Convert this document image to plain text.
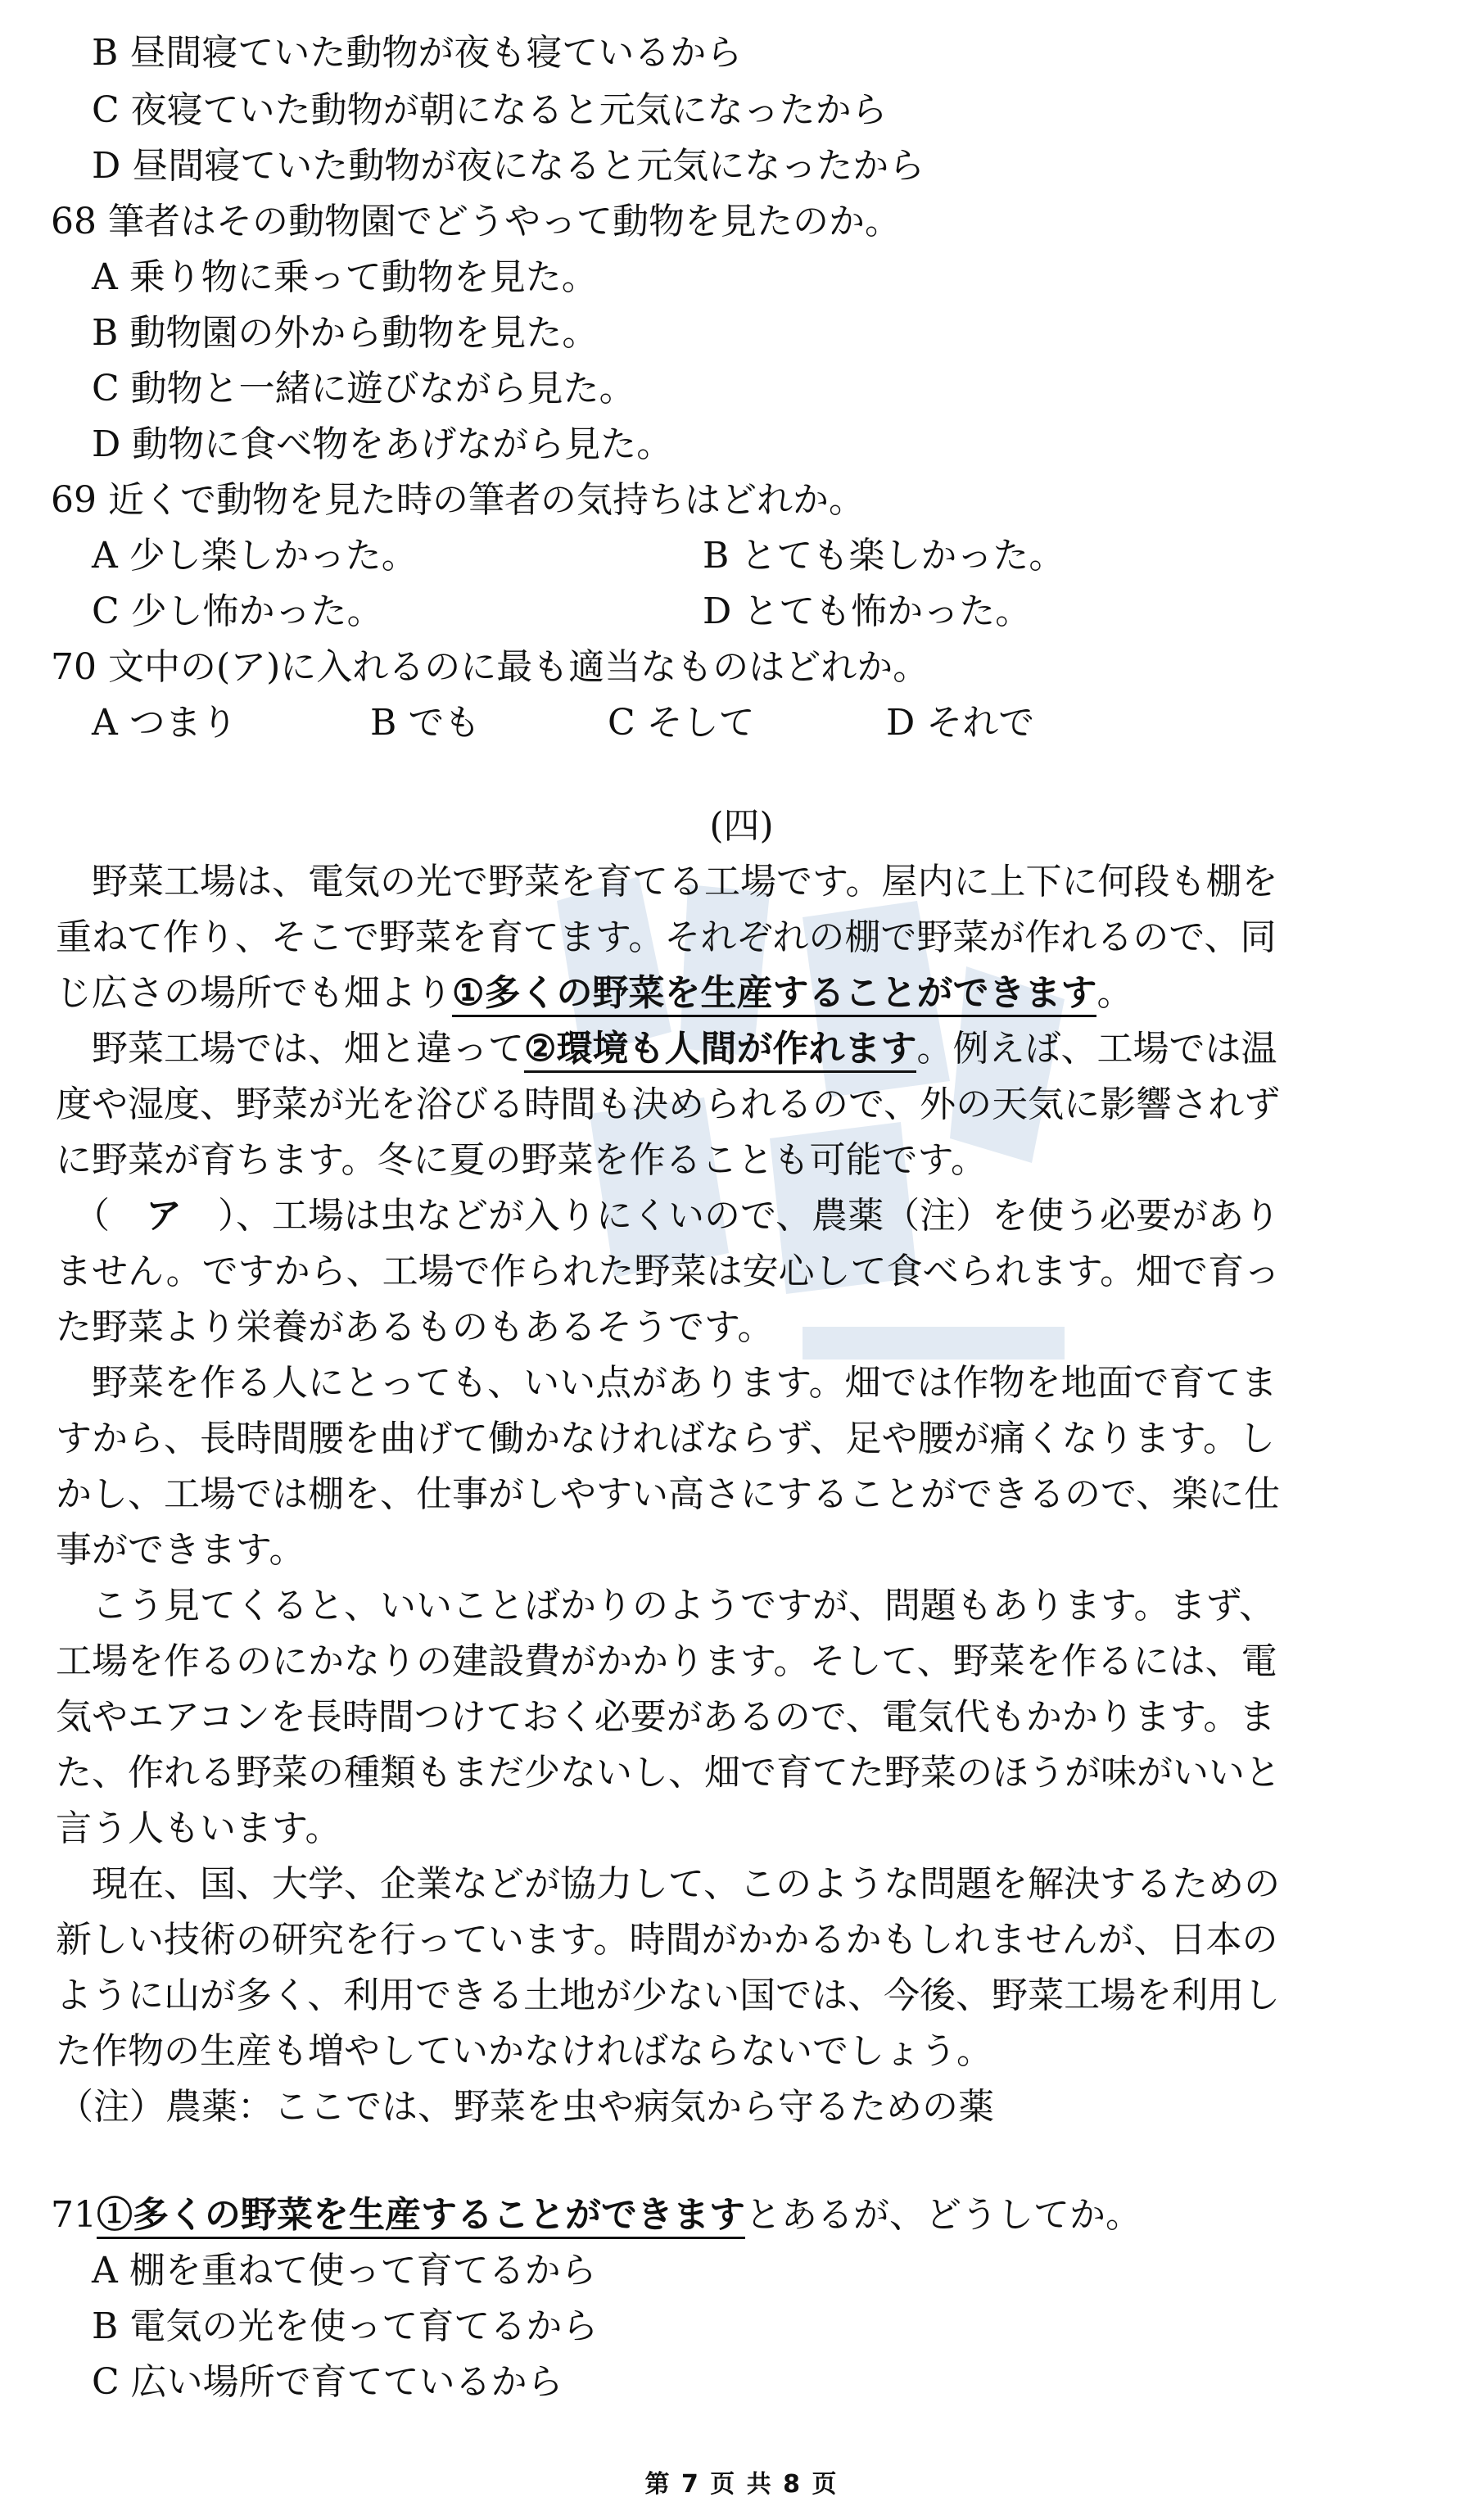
B 昼間寝ていた動物が夜も寝ているから
C 夜寝ていた動物が朝になると元気になったから
D 昼間寝ていた動物が夜になると元気になったから
68 筆者はその動物園でどうやって動物を見たのか。
A 乗り物に乗って動物を見た。
B 動物園の外から動物を見た。
C 動物と一緒に遊びながら見た。
D 動物に食べ物をあげながら見た。
69 近くで動物を見た時の筆者の気持ちはどれか。
A 少し楽しかった。	B とても楽しかった。
C 少し怖かった。	D とても怖かった。
70 文中の(ア)に入れるのに最も適当なものはどれか。
A つまり	B でも	C そして	D それで
(四)
　野菜工場は、電気の光で野菜を育てる工場です。屋内に上下に何段も棚を
重ねて作り、そこで野菜を育てます。それぞれの棚で野菜が作れるので、同
じ広さの場所でも畑より①多くの野菜を生産することができます。
　野菜工場では、畑と違って②環境も人間が作れます。例えば、工場では温
度や湿度、野菜が光を浴びる時間も決められるので、外の天気に影響されず
に野菜が育ちます。冬に夏の野菜を作ることも可能です。
　（　ア　）、工場は虫などが入りにくいので、農薬（注）を使う必要があり
ません。ですから、工場で作られた野菜は安心して食べられます。畑で育っ
た野菜より栄養があるものもあるそうです。
　野菜を作る人にとっても、いい点があります。畑では作物を地面で育てま
すから、長時間腰を曲げて働かなければならず、足や腰が痛くなります。し
かし、工場では棚を、仕事がしやすい高さにすることができるので、楽に仕
事ができます。
　こう見てくると、いいことばかりのようですが、問題もあります。まず、
工場を作るのにかなりの建設費がかかります。そして、野菜を作るには、電
気やエアコンを長時間つけておく必要があるので、電気代もかかります。ま
た、作れる野菜の種類もまだ少ないし、畑で育てた野菜のほうが味がいいと
言う人もいます。
　現在、国、大学、企業などが協力して、このような問題を解決するための
新しい技術の研究を行っています。時間がかかるかもしれませんが、日本の
ように山が多く、利用できる土地が少ない国では、今後、野菜工場を利用し
た作物の生産も増やしていかなければならないでしょう。
（注）農薬：ここでは、野菜を虫や病気から守るための薬
71①多くの野菜を生産することができますとあるが、どうしてか。
A 棚を重ねて使って育てるから
B 電気の光を使って育てるから
C 広い場所で育てているから
第 7 页 共 8 页
